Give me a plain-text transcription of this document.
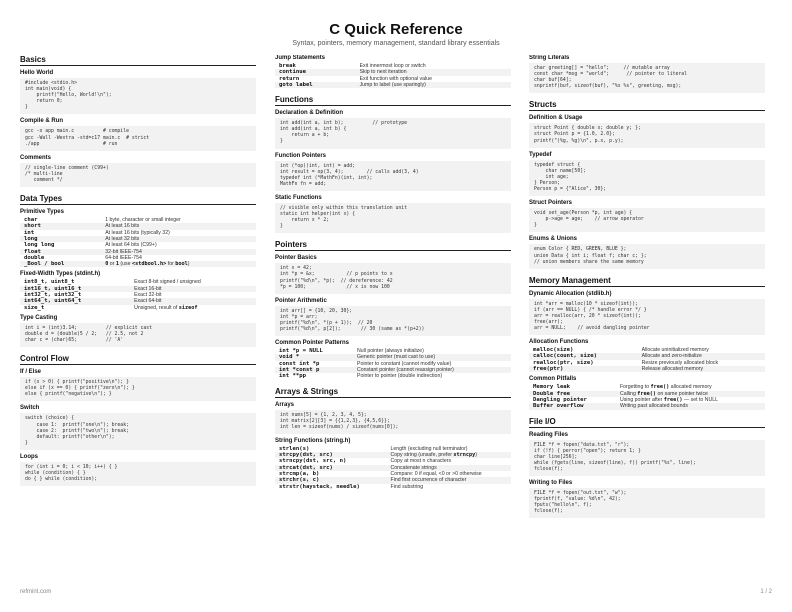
C Quick Reference
Syntax, pointers, memory management, standard library essentials
Basics
Hello World
#include <stdio.h>
int main(void) {
printf("Hello, World!\n");
return 0;
}
Compile & Run
gcc -o app main.c          # compile
gcc -Wall -Wextra -std=c17 main.c  # strict
./app                      # run
Comments
// single-line comment (C99+)
/* multi-line
comment */
Data Types
Primitive Types
char	1 byte, character or small integer
short	At least 16 bits
int	At least 16 bits (typically 32)
long	At least 32 bits
long long	At least 64 bits (C99+)
float	32-bit IEEE-754
double	64-bit IEEE-754
_Bool / bool	0 or 1 (use <stdbool.h> for bool)
Fixed-Width Types (stdint.h)
int8_t, uint8_t	Exact 8-bit signed / unsigned
int16_t, uint16_t	Exact 16-bit
int32_t, uint32_t	Exact 32-bit
int64_t, uint64_t	Exact 64-bit
size_t	Unsigned, result of sizeof
Type Casting
int i = (int)3.14;          // explicit cast
double d = (double)5 / 2;   // 2.5, not 2
char c = (char)65;          // 'A'
Control Flow
If / Else
if (x > 0) { printf("positive\n"); }
else if (x == 0) { printf("zero\n"); }
else { printf("negative\n"); }
Switch
switch (choice) {
case 1:  printf("one\n"); break;
case 2:  printf("two\n"); break;
default: printf("other\n");
}
Loops
for (int i = 0; i < 10; i++) { }
while (condition) { }
do { } while (condition);
Jump Statements
break	Exit innermost loop or switch
continue	Skip to next iteration
return	Exit function with optional value
goto label	Jump to label (use sparingly)
Functions
Declaration & Definition
int add(int a, int b);          // prototype
int add(int a, int b) {
return a + b;
}
Function Pointers
int (*op)(int, int) = add;
int result = op(3, 4);        // calls add(3, 4)
typedef int (*MathFn)(int, int);
MathFn fn = add;
Static Functions
// visible only within this translation unit
static int helper(int x) {
return x * 2;
}
Pointers
Pointer Basics
int x = 42;
int *p = &x;           // p points to x
printf("%d\n", *p);  // dereference: 42
*p = 100;              // x is now 100
Pointer Arithmetic
int arr[] = {10, 20, 30};
int *p = arr;
printf("%d\n", *(p + 1));  // 20
printf("%d\n", p[2]);       // 30 (same as *(p+2))
Common Pointer Patterns
int *p = NULL	Null pointer (always initialize)
void *	Generic pointer (must cast to use)
const int *p	Pointer to constant (cannot modify value)
int *const p	Constant pointer (cannot reassign pointer)
int **pp	Pointer to pointer (double indirection)
Arrays & Strings
Arrays
int nums[5] = {1, 2, 3, 4, 5};
int matrix[2][3] = {{1,2,3}, {4,5,6}};
int len = sizeof(nums) / sizeof(nums[0]);
String Functions (string.h)
strlen(s)	Length (excluding null terminator)
strcpy(dst, src)	Copy string (unsafe, prefer strncpy)
strncpy(dst, src, n)	Copy at most n characters
strcat(dst, src)	Concatenate strings
strcmp(a, b)	Compare: 0 if equal, <0 or >0 otherwise
strchr(s, c)	Find first occurrence of character
strstr(haystack, needle)	Find substring
String Literals
char greeting[] = "hello";     // mutable array
const char *msg = "world";      // pointer to literal
char buf[64];
snprintf(buf, sizeof(buf), "%s %s", greeting, msg);
Structs
Definition & Usage
struct Point { double x; double y; };
struct Point p = {1.0, 2.0};
printf("(%g, %g)\n", p.x, p.y);
Typedef
typedef struct {
char name[50];
int age;
} Person;
Person p = {"Alice", 30};
Struct Pointers
void set_age(Person *p, int age) {
p->age = age;    // arrow operator
}
Enums & Unions
enum Color { RED, GREEN, BLUE };
union Data { int i; float f; char c; };
// union members share the same memory
Memory Management
Dynamic Allocation (stdlib.h)
int *arr = malloc(10 * sizeof(int));
if (arr == NULL) { /* handle error */ }
arr = realloc(arr, 20 * sizeof(int));
free(arr);
arr = NULL;    // avoid dangling pointer
Allocation Functions
malloc(size)	Allocate uninitialized memory
calloc(count, size)	Allocate and zero-initialize
realloc(ptr, size)	Resize previously allocated block
free(ptr)	Release allocated memory
Common Pitfalls
Memory leak	Forgetting to free() allocated memory
Double free	Calling free() on same pointer twice
Dangling pointer	Using pointer after free() — set to NULL
Buffer overflow	Writing past allocated bounds
File I/O
Reading Files
FILE *f = fopen("data.txt", "r");
if (!f) { perror("open"); return 1; }
char line[256];
while (fgets(line, sizeof(line), f)) printf("%s", line);
fclose(f);
Writing to Files
FILE *f = fopen("out.txt", "w");
fprintf(f, "value: %d\n", 42);
fputs("hello\n", f);
fclose(f);
refmint.com	1 / 2
